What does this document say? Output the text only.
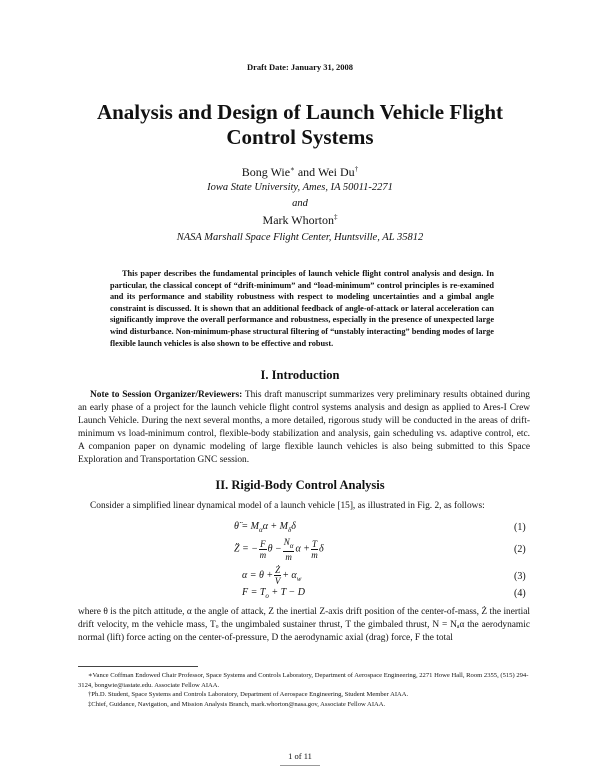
Draft Date: January 31, 2008
Analysis and Design of Launch Vehicle Flight
Control Systems
Bong Wie∗ and Wei Du†
Iowa State University, Ames, IA 50011-2271
and
Mark Whorton‡
NASA Marshall Space Flight Center, Huntsville, AL 35812

This paper describes the fundamental principles of launch vehicle flight control analysis and design. In particular, the classical concept of “drift-minimum” and “load-minimum” control principles is re-examined and its performance and stability robustness with respect to modeling uncertainties and a gimbal angle constraint is discussed. It is shown that an additional feedback of angle-of-attack or lateral acceleration can significantly improve the overall performance and robustness, especially in the presence of unexpected large wind disturbance. Non-minimum-phase structural filtering of “unstably interacting” bending modes of large flexible launch vehicles is also shown to be effective and robust.

I. Introduction

Note to Session Organizer/Reviewers: This draft manuscript summarizes very preliminary results obtained during an early phase of a project for the launch vehicle flight control systems analysis and design as applied to Ares-I Crew Launch Vehicle. During the next several months, a more detailed, rigorous study will be conducted in the areas of drift-minimum vs load-minimum control, flexible-body stabilization and analysis, gain scheduling vs. adaptive control, etc. A companion paper on dynamic modeling of large flexible launch vehicles is also being submitted to this Space Exploration and Transportation GNC session.

II. Rigid-Body Control Analysis

Consider a simplified linear dynamical model of a launch vehicle [15], as illustrated in Fig. 2, as follows:

θ̈ = $M_\alpha\alpha + M_\delta\delta$	(1)
Z̈ = − $\frac{F}{m}$ $\theta - \frac{N_\alpha}{m}$ $\alpha + \frac{T}{m}$ δ	(2)
$\alpha = \theta + \frac{Ż}{V} + \alpha_w$	(3)
$F = T_o + T - D$	(4)

where θ is the pitch attitude, α the angle of attack, Z the inertial Z-axis drift position of the center-of-mass, Ż the inertial drift velocity, m the vehicle mass, Tₒ the ungimbaled sustainer thrust, T the gimbaled thrust, N = Nₐα the aerodynamic normal (lift) force acting on the center-of-pressure, D the aerodynamic axial (drag) force, F the total

∗Vance Coffman Endowed Chair Professor, Space Systems and Controls Laboratory, Department of Aerospace Engineering, 2271 Howe Hall, Room 2355, (515) 294-3124, bongwie@iastate.edu. Associate Fellow AIAA.
†Ph.D. Student, Space Systems and Controls Laboratory, Department of Aerospace Engineering, Student Member AIAA.
‡Chief, Guidance, Navigation, and Mission Analysis Branch, mark.whorton@nasa.gov, Associate Fellow AIAA.
1 of 11
